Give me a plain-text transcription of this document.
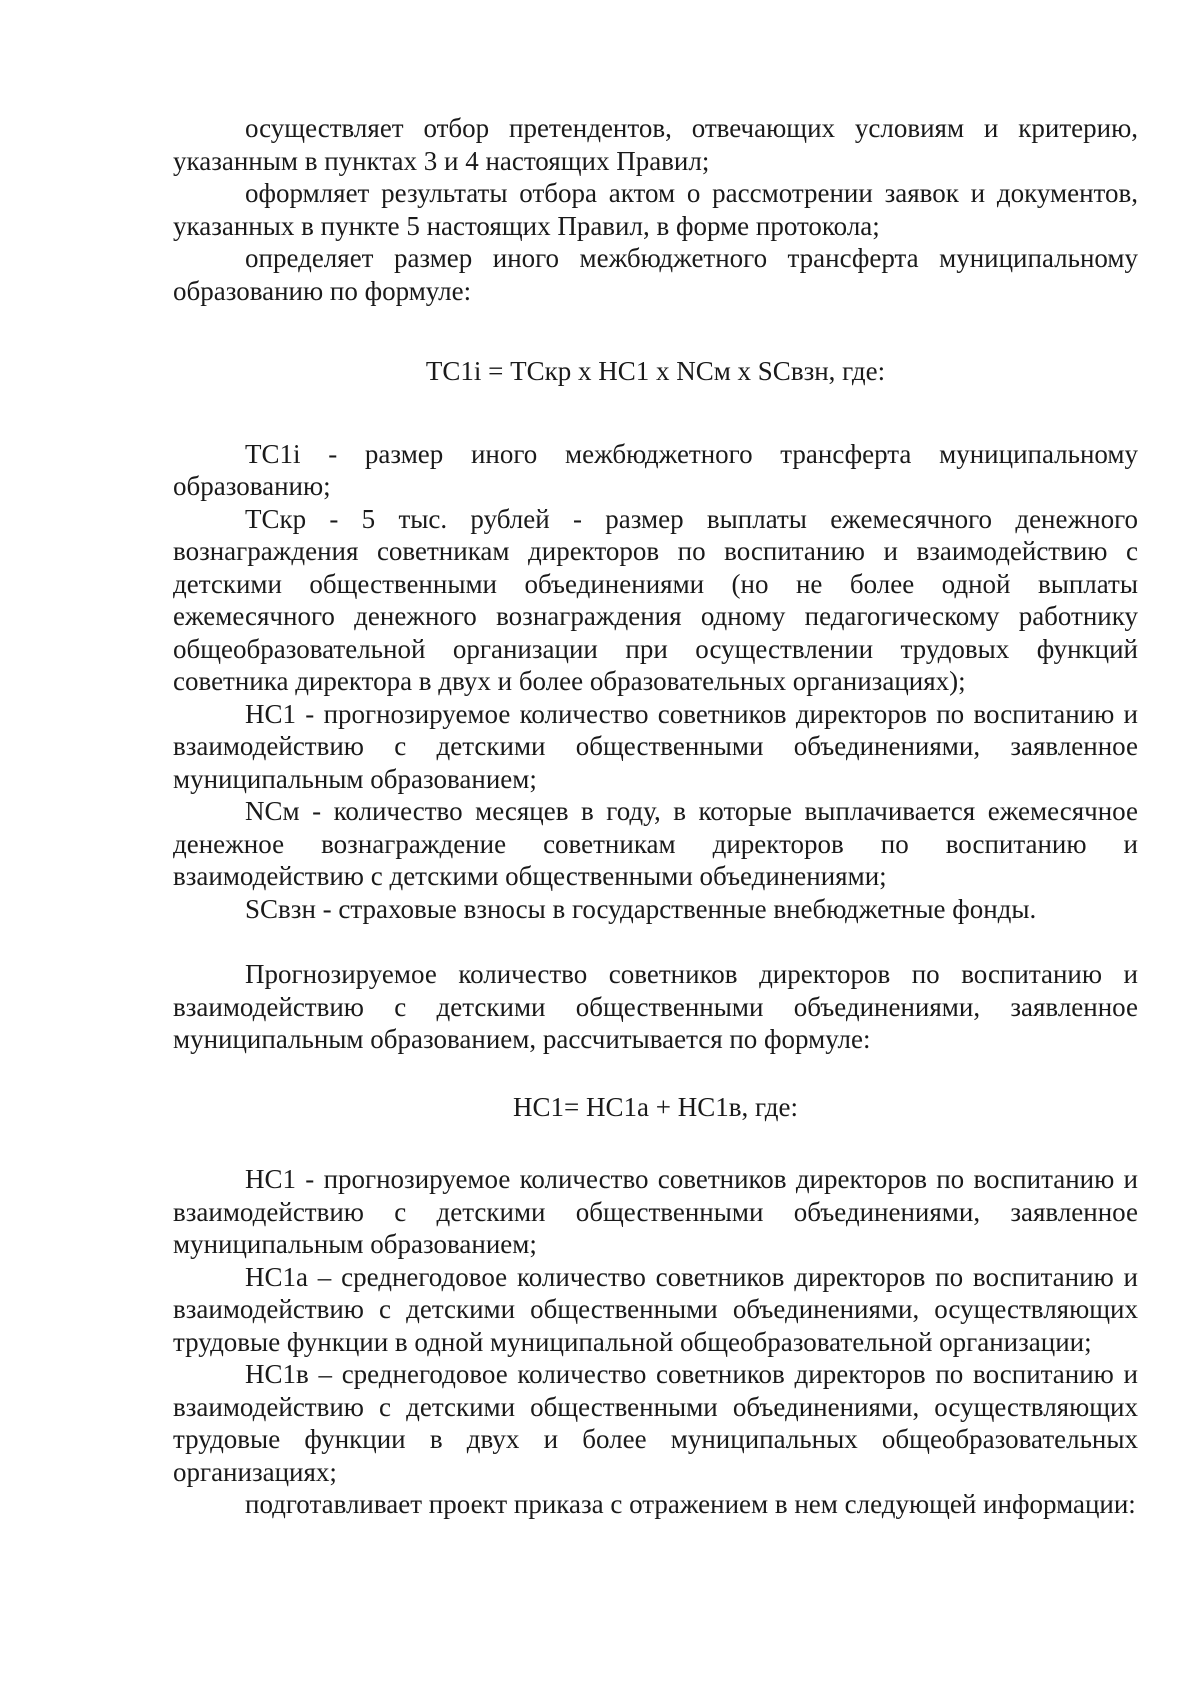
осуществляет отбор претендентов, отвечающих условиям и критерию, указанным в пунктах 3 и 4 настоящих Правил;

оформляет результаты отбора актом о рассмотрении заявок и документов, указанных в пункте 5 настоящих Правил, в форме протокола;

определяет размер иного межбюджетного трансферта муниципальному образованию по формуле:

ТС1i = ТСкр x НС1 x NСм x SСвзн, где:

ТС1i - размер иного межбюджетного трансферта муниципальному образованию;

ТСкр - 5 тыс. рублей - размер выплаты ежемесячного денежного вознаграждения советникам директоров по воспитанию и взаимодействию с детскими общественными объединениями (но не более одной выплаты ежемесячного денежного вознаграждения одному педагогическому работнику общеобразовательной организации при осуществлении трудовых функций советника директора в двух и более образовательных организациях);

НС1 - прогнозируемое количество советников директоров по воспитанию и взаимодействию с детскими общественными объединениями, заявленное муниципальным образованием;

NСм - количество месяцев в году, в которые выплачивается ежемесячное денежное вознаграждение советникам директоров по воспитанию и взаимодействию с детскими общественными объединениями;

SСвзн - страховые взносы в государственные внебюджетные фонды.

Прогнозируемое количество советников директоров по воспитанию и взаимодействию с детскими общественными объединениями, заявленное муниципальным образованием, рассчитывается по формуле:

НС1= НС1а + НС1в, где:

НС1 - прогнозируемое количество советников директоров по воспитанию и взаимодействию с детскими общественными объединениями, заявленное муниципальным образованием;

НС1а – среднегодовое количество советников директоров по воспитанию и взаимодействию с детскими общественными объединениями, осуществляющих трудовые функции в одной муниципальной общеобразовательной организации;

НС1в – среднегодовое количество советников директоров по воспитанию и взаимодействию с детскими общественными объединениями, осуществляющих трудовые функции в двух и более муниципальных общеобразовательных организациях;

подготавливает проект приказа с отражением в нем следующей информации:
